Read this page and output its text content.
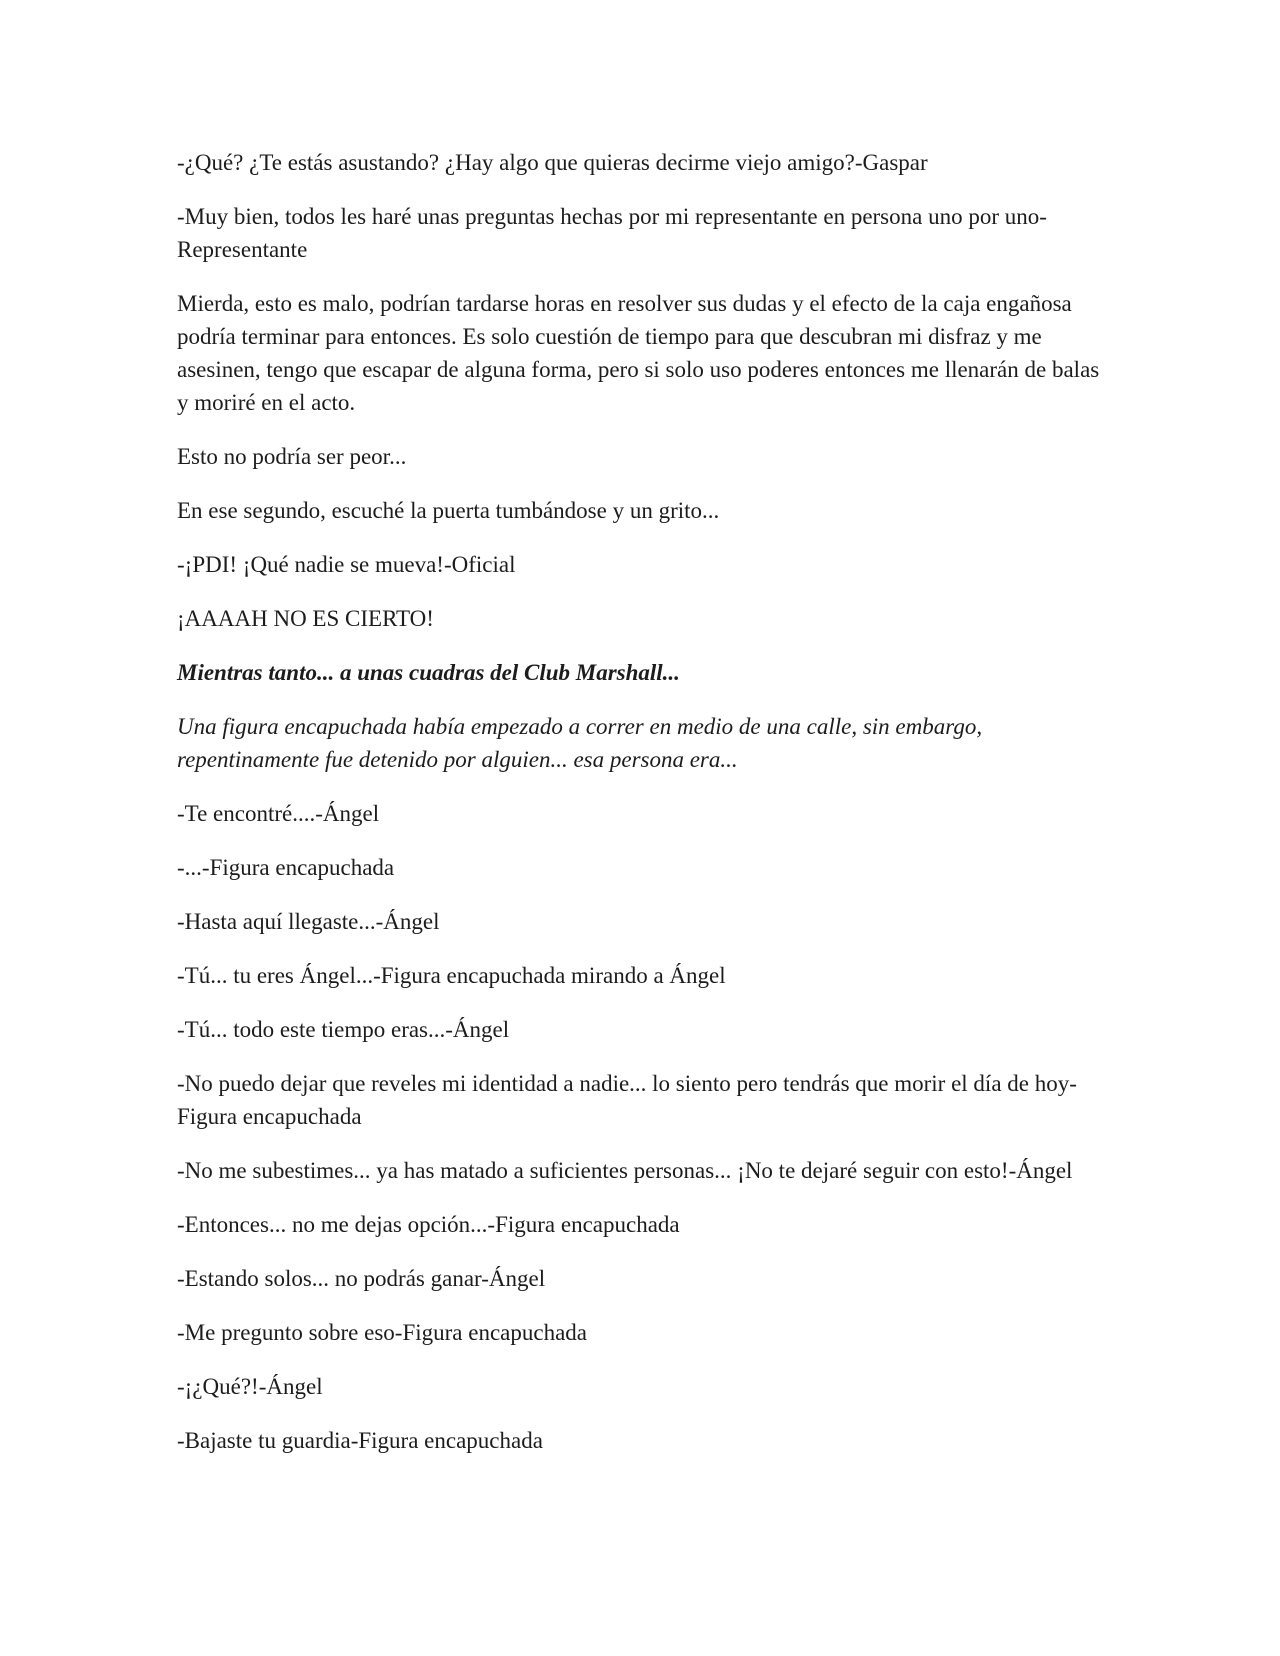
-¿Qué? ¿Te estás asustando? ¿Hay algo que quieras decirme viejo amigo?-Gaspar

-Muy bien, todos les haré unas preguntas hechas por mi representante en persona uno por uno-Representante

Mierda, esto es malo, podrían tardarse horas en resolver sus dudas y el efecto de la caja engañosa podría terminar para entonces. Es solo cuestión de tiempo para que descubran mi disfraz y me asesinen, tengo que escapar de alguna forma, pero si solo uso poderes entonces me llenarán de balas y moriré en el acto.

Esto no podría ser peor...

En ese segundo, escuché la puerta tumbándose y un grito...

-¡PDI! ¡Qué nadie se mueva!-Oficial

¡AAAAH NO ES CIERTO!

Mientras tanto... a unas cuadras del Club Marshall...

Una figura encapuchada había empezado a correr en medio de una calle, sin embargo, repentinamente fue detenido por alguien... esa persona era...

-Te encontré....-Ángel

-...-Figura encapuchada

-Hasta aquí llegaste...-Ángel

-Tú... tu eres Ángel...-Figura encapuchada mirando a Ángel

-Tú... todo este tiempo eras...-Ángel

-No puedo dejar que reveles mi identidad a nadie... lo siento pero tendrás que morir el día de hoy-Figura encapuchada

-No me subestimes... ya has matado a suficientes personas... ¡No te dejaré seguir con esto!-Ángel

-Entonces... no me dejas opción...-Figura encapuchada

-Estando solos... no podrás ganar-Ángel

-Me pregunto sobre eso-Figura encapuchada

-¡¿Qué?!-Ángel

-Bajaste tu guardia-Figura encapuchada
